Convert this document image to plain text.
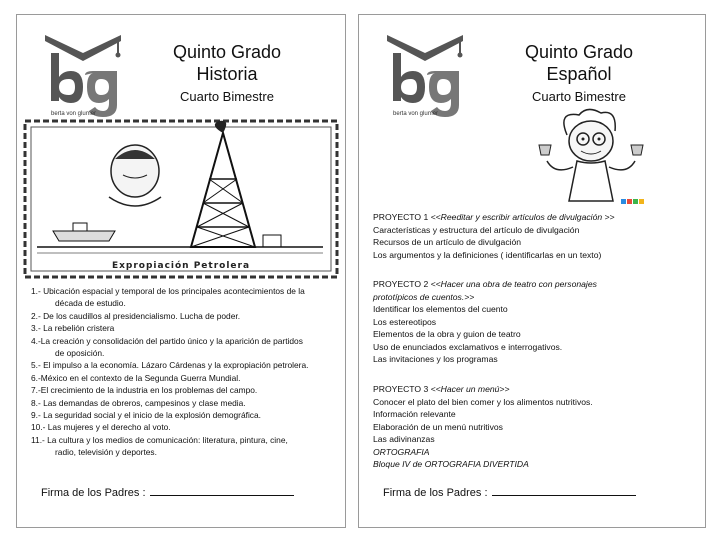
berta von glumer
Quinto Grado
Historia
Cuarto Bimestre
Expropiación Petrolera
1.- Ubicación espacial y temporal de los principales acontecimientos de la
década de estudio.
2.- De los caudillos al presidencialismo. Lucha de poder.
3.- La rebelión cristera
4.-La creación y consolidación del partido único y la aparición de partidos
de oposición.
5.- El impulso a la economía. Lázaro Cárdenas y la expropiación petrolera.
6.-México en el contexto de la Segunda Guerra Mundial.
7.-El crecimiento de la industria en los problemas del campo.
8.- Las demandas de obreros, campesinos y clase media.
9.- La seguridad social y el inicio de la explosión demográfica.
10.- Las mujeres y el derecho al voto.
11.- La cultura y los medios de comunicación: literatura, pintura, cine,
radio, televisión y deportes.
Firma de los Padres :
berta von glumer
Quinto Grado
Español
Cuarto Bimestre
PROYECTO 1 <<Reeditar y escribir artículos de divulgación >>
Características y estructura del artículo de divulgación
Recursos de un artículo de divulgación
Los argumentos y la definiciones ( identificarlas en un texto)
PROYECTO 2 <<Hacer una obra de teatro con personajes
prototípicos de cuentos.>>
Identificar los elementos del cuento
Los estereotipos
Elementos de la obra y guion de teatro
Uso de enunciados exclamativos e interrogativos.
Las invitaciones y los programas
PROYECTO 3 <<Hacer un menú>>
Conocer el plato del bien comer y los alimentos nutritivos.
Información relevante
Elaboración de un menú nutritivos
Las adivinanzas
ORTOGRAFIA
Bloque IV de ORTOGRAFIA DIVERTIDA
Firma de los Padres :
